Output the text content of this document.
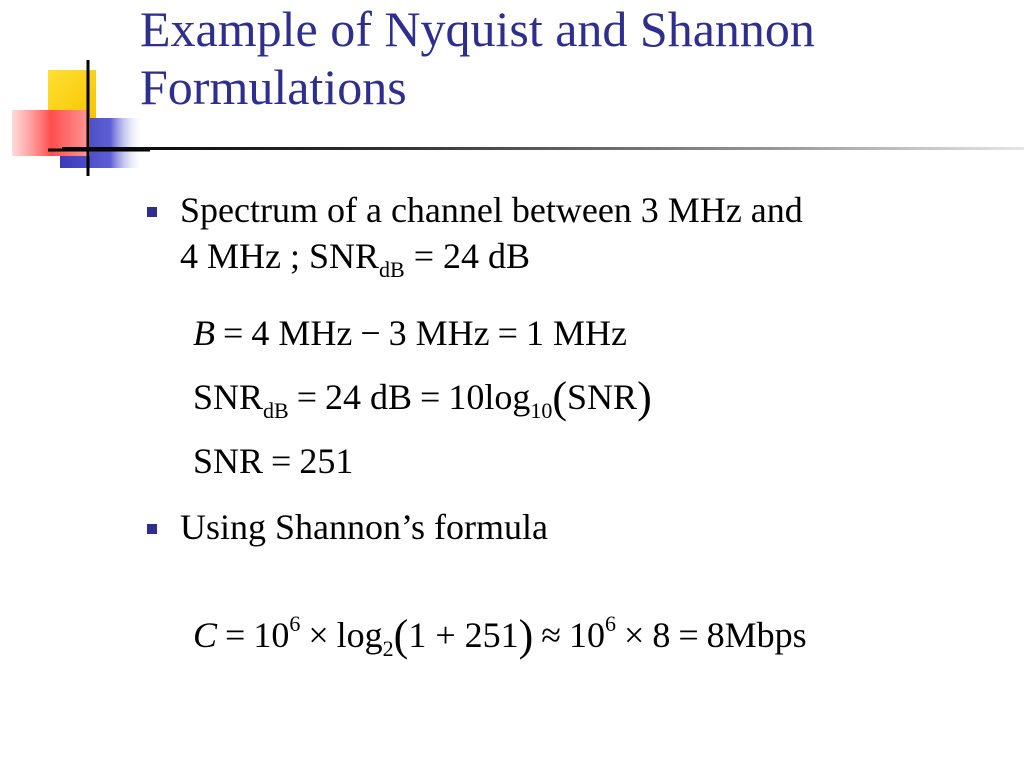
Example of Nyquist and Shannon
Formulations
Spectrum of a channel between 3 MHz and
4 MHz ; $SNR_{dB} = 24$ dB
B = 4 MHz − 3 MHz = 1 MHz
$SNR_{dB} = 24$ dB = $10\log_{10}(SNR)$
SNR = 251
Using Shannon’s formula
$C = 10^6 \times \log_2(1 + 251) \approx 10^6 \times 8$ = 8Mbps
